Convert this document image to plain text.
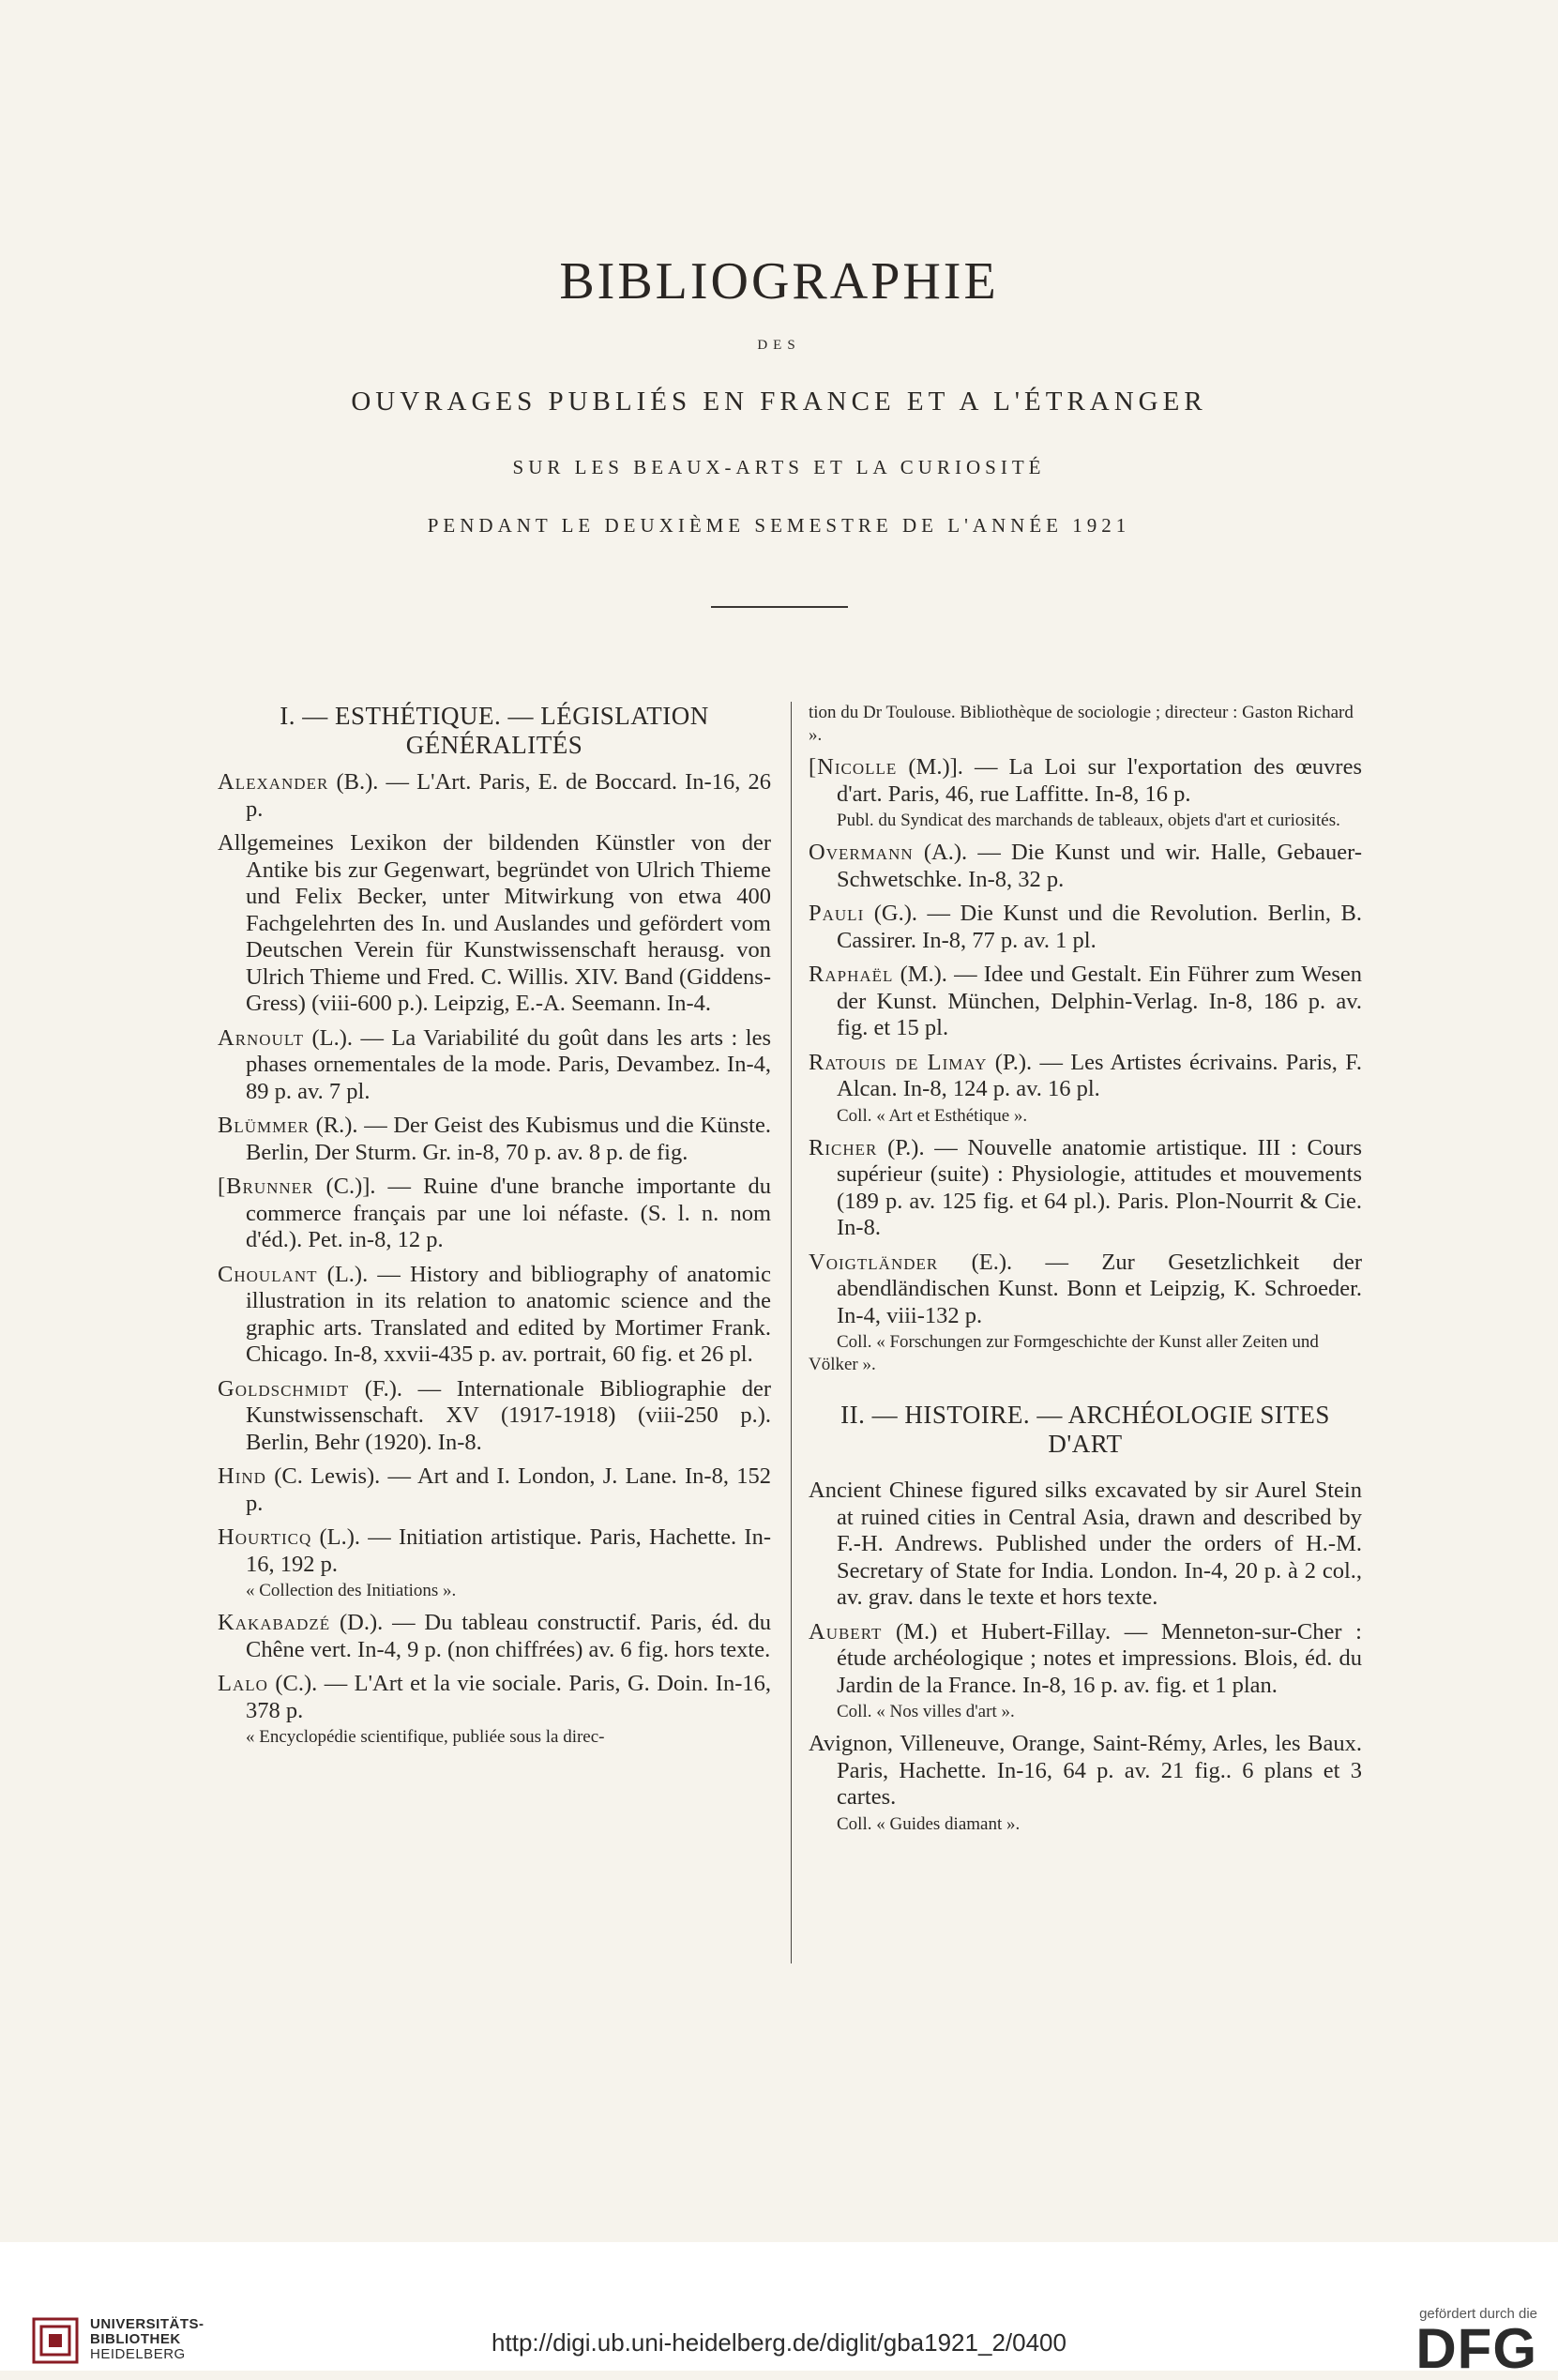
BIBLIOGRAPHIE
DES
OUVRAGES PUBLIÉS EN FRANCE ET A L'ÉTRANGER
SUR LES BEAUX-ARTS ET LA CURIOSITÉ
PENDANT LE DEUXIÈME SEMESTRE DE L'ANNÉE 1921
I. — ESTHÉTIQUE. — LÉGISLATION GÉNÉRALITÉS
Alexander (B.). — L'Art. Paris, E. de Boccard. In-16, 26 p.
Allgemeines Lexikon der bildenden Künstler von der Antike bis zur Gegenwart, begründet von Ulrich Thieme und Felix Becker, unter Mitwirkung von etwa 400 Fachgelehrten des In. und Auslandes und gefördert vom Deutschen Verein für Kunstwissenschaft herausg. von Ulrich Thieme und Fred. C. Willis. XIV. Band (Giddens-Gress) (viii-600 p.). Leipzig, E.-A. Seemann. In-4.
Arnoult (L.). — La Variabilité du goût dans les arts : les phases ornementales de la mode. Paris, Devambez. In-4, 89 p. av. 7 pl.
Blümmer (R.). — Der Geist des Kubismus und die Künste. Berlin, Der Sturm. Gr. in-8, 70 p. av. 8 p. de fig.
[Brunner (C.)]. — Ruine d'une branche importante du commerce français par une loi néfaste. (S. l. n. nom d'éd.). Pet. in-8, 12 p.
Choulant (L.). — History and bibliography of anatomic illustration in its relation to anatomic science and the graphic arts. Translated and edited by Mortimer Frank. Chicago. In-8, xxvii-435 p. av. portrait, 60 fig. et 26 pl.
Goldschmidt (F.). — Internationale Bibliographie der Kunstwissenschaft. XV (1917-1918) (viii-250 p.). Berlin, Behr (1920). In-8.
Hind (C. Lewis). — Art and I. London, J. Lane. In-8, 152 p.
Hourticq (L.). — Initiation artistique. Paris, Hachette. In-16, 192 p.
« Collection des Initiations ».
Kakabadzé (D.). — Du tableau constructif. Paris, éd. du Chêne vert. In-4, 9 p. (non chiffrées) av. 6 fig. hors texte.
Lalo (C.). — L'Art et la vie sociale. Paris, G. Doin. In-16, 378 p.
« Encyclopédie scientifique, publiée sous la direc-
tion du Dr Toulouse. Bibliothèque de sociologie ; directeur : Gaston Richard ».
[Nicolle (M.)]. — La Loi sur l'exportation des œuvres d'art. Paris, 46, rue Laffitte. In-8, 16 p.
Publ. du Syndicat des marchands de tableaux, objets d'art et curiosités.
Overmann (A.). — Die Kunst und wir. Halle, Gebauer-Schwetschke. In-8, 32 p.
Pauli (G.). — Die Kunst und die Revolution. Berlin, B. Cassirer. In-8, 77 p. av. 1 pl.
Raphaël (M.). — Idee und Gestalt. Ein Führer zum Wesen der Kunst. München, Delphin-Verlag. In-8, 186 p. av. fig. et 15 pl.
Ratouis de Limay (P.). — Les Artistes écrivains. Paris, F. Alcan. In-8, 124 p. av. 16 pl.
Coll. « Art et Esthétique ».
Richer (P.). — Nouvelle anatomie artistique. III : Cours supérieur (suite) : Physiologie, attitudes et mouvements (189 p. av. 125 fig. et 64 pl.). Paris. Plon-Nourrit & Cie. In-8.
Voigtländer (E.). — Zur Gesetzlichkeit der abendländischen Kunst. Bonn et Leipzig, K. Schroeder. In-4, viii-132 p.
Coll. « Forschungen zur Formgeschichte der Kunst aller Zeiten und Völker ».
II. — HISTOIRE. — ARCHÉOLOGIE SITES D'ART
Ancient Chinese figured silks excavated by sir Aurel Stein at ruined cities in Central Asia, drawn and described by F.-H. Andrews. Published under the orders of H.-M. Secretary of State for India. London. In-4, 20 p. à 2 col., av. grav. dans le texte et hors texte.
Aubert (M.) et Hubert-Fillay. — Menneton-sur-Cher : étude archéologique ; notes et impressions. Blois, éd. du Jardin de la France. In-8, 16 p. av. fig. et 1 plan.
Coll. « Nos villes d'art ».
Avignon, Villeneuve, Orange, Saint-Rémy, Arles, les Baux. Paris, Hachette. In-16, 64 p. av. 21 fig.. 6 plans et 3 cartes.
Coll. « Guides diamant ».
UNIVERSITÄTS-
BIBLIOTHEK
HEIDELBERG	http://digi.ub.uni-heidelberg.de/diglit/gba1921_2/0400
gefördert durch die
DFG
